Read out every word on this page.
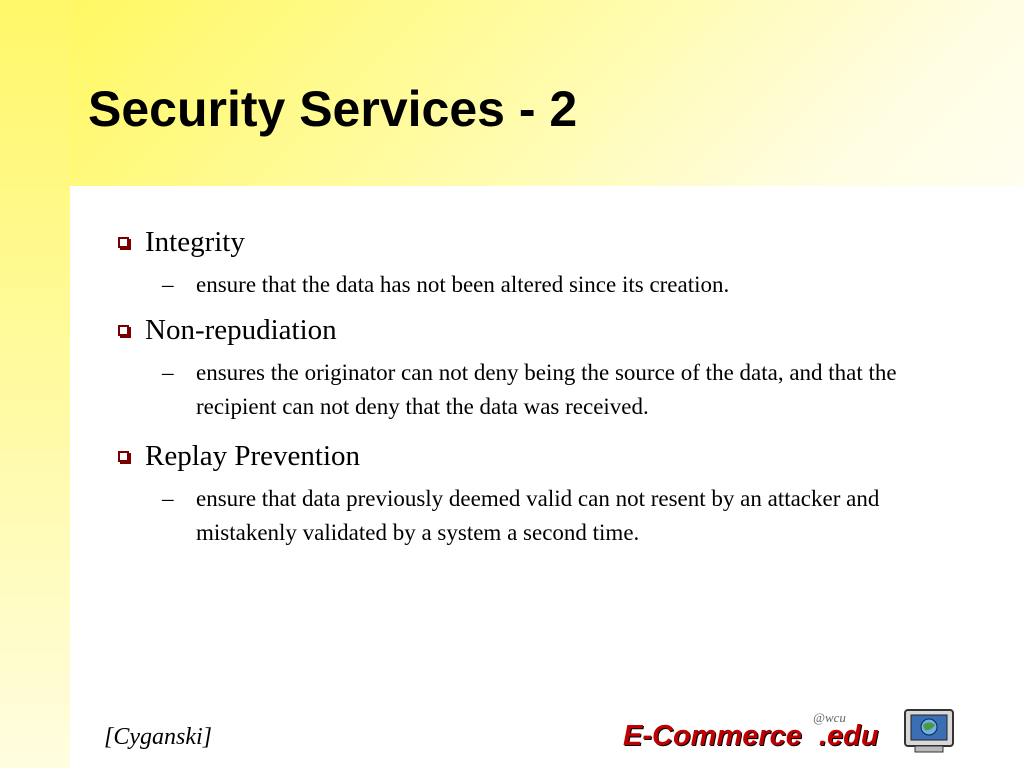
Security Services - 2
Integrity
– ensure that the data has not been altered since its creation.
Non-repudiation
– ensures the originator can not deny being the source of the data, and that the recipient can not deny that the data was received.
Replay Prevention
– ensure that data previously deemed valid can not resent by an attacker and mistakenly validated by a system a second time.
[Cyganski]	E-Commerce
@wcu
.edu
